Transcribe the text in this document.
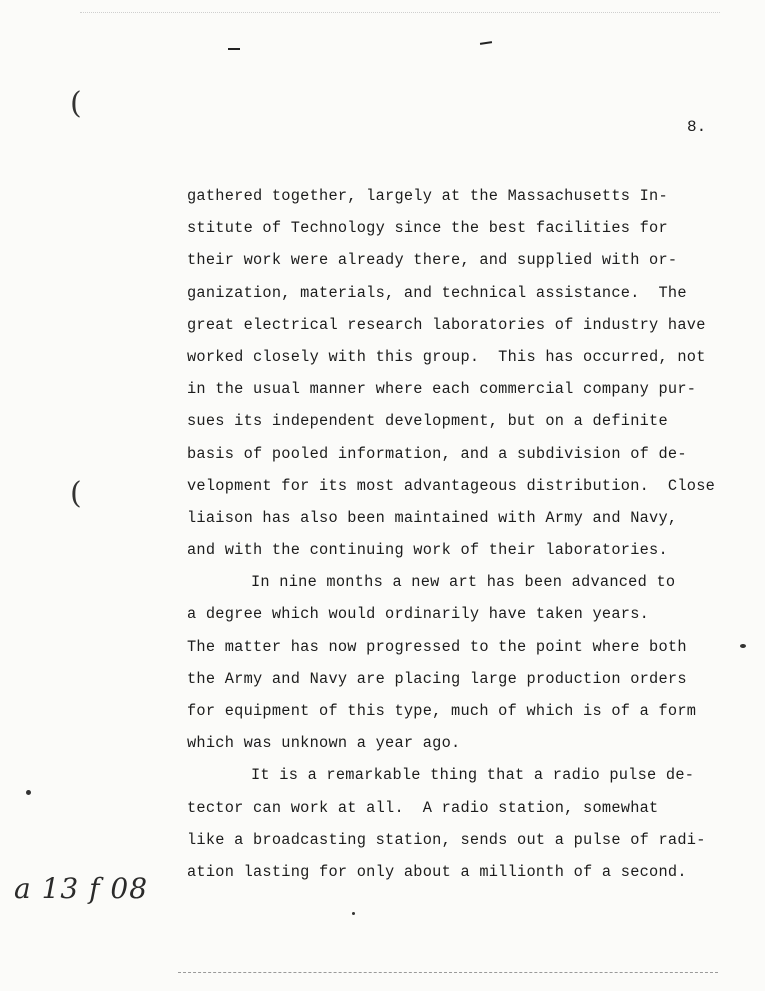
(
(
8.
gathered together, largely at the Massachusetts In-
stitute of Technology since the best facilities for
their work were already there, and supplied with or-
ganization, materials, and technical assistance.  The
great electrical research laboratories of industry have
worked closely with this group.  This has occurred, not
in the usual manner where each commercial company pur-
sues its independent development, but on a definite
basis of pooled information, and a subdivision of de-
velopment for its most advantageous distribution.  Close
liaison has also been maintained with Army and Navy,
and with the continuing work of their laboratories.
In nine months a new art has been advanced to
a degree which would ordinarily have taken years.
The matter has now progressed to the point where both
the Army and Navy are placing large production orders
for equipment of this type, much of which is of a form
which was unknown a year ago.
It is a remarkable thing that a radio pulse de-
tector can work at all.  A radio station, somewhat
like a broadcasting station, sends out a pulse of radi-
ation lasting for only about a millionth of a second.
a 13 f 08
